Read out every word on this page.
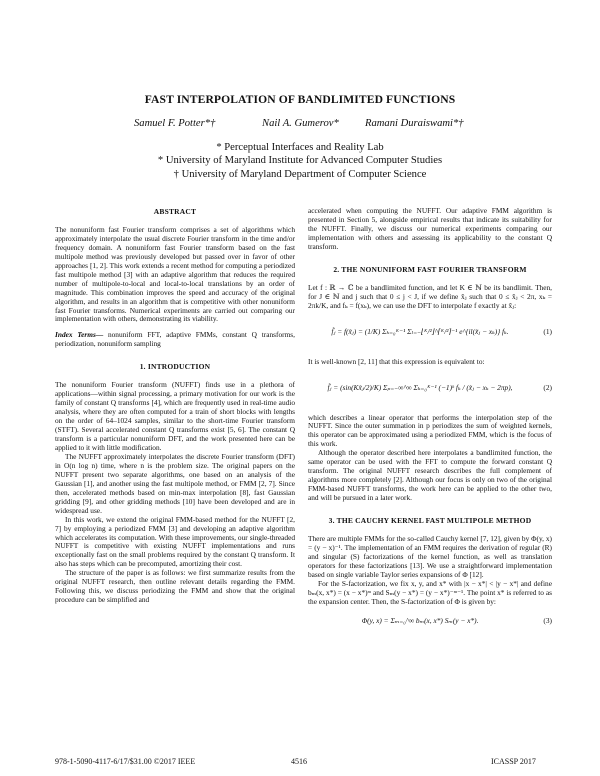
FAST INTERPOLATION OF BANDLIMITED FUNCTIONS
Samuel F. Potter*†	Nail A. Gumerov* Ramani Duraiswami*†
* Perceptual Interfaces and Reality Lab
* University of Maryland Institute for Advanced Computer Studies
† University of Maryland Department of Computer Science
ABSTRACT

The nonuniform fast Fourier transform comprises a set of algorithms which approximately interpolate the usual discrete Fourier transform in the time and/or frequency domain. A nonuniform fast Fourier transform based on the fast multipole method was previously developed but passed over in favor of other approaches [1, 2]. This work extends a recent method for computing a periodized fast multipole method [3] with an adaptive algorithm that reduces the required number of multipole-to-local and local-to-local translations by an order of magnitude. This combination improves the speed and accuracy of the original algorithm, and results in an algorithm that is competitive with other nonuniform fast Fourier transforms. Numerical experiments are carried out comparing our implementation with others, demonstrating its viability.

Index Terms— nonuniform FFT, adaptive FMMs, constant Q transforms, periodization, nonuniform sampling

1. INTRODUCTION

The nonuniform Fourier transform (NUFFT) finds use in a plethora of applications—within signal processing, a primary motivation for our work is the family of constant Q transforms [4], which are frequently used in real-time audio analysis, where they are often computed for a train of short blocks with lengths on the order of 64–1024 samples, similar to the short-time Fourier transform (STFT). Several accelerated constant Q transforms exist [5, 6]. The constant Q transform is a particular nonuniform DFT, and the work presented here can be applied to it with little modification.

The NUFFT approximately interpolates the discrete Fourier transform (DFT) in O(n log n) time, where n is the problem size. The original papers on the NUFFT present two separate algorithms, one based on an analysis of the Gaussian [1], and another using the fast multipole method, or FMM [2, 7]. Since then, accelerated methods based on min-max interpolation [8], fast Gaussian gridding [9], and other gridding methods [10] have been developed and are in widespread use.

In this work, we extend the original FMM-based method for the NUFFT [2, 7] by employing a periodized FMM [3] and developing an adaptive algorithm which accelerates its computation. With these improvements, our single-threaded NUFFT is competitive with existing NUFFT implementations and runs exceptionally fast on the small problems required by the constant Q transform. It also has steps which can be precomputed, amortizing their cost.

The structure of the paper is as follows: we first summarize results from the original NUFFT research, then outline relevant details regarding the FMM. Following this, we discuss periodizing the FMM and show that the original procedure can be simplified and

accelerated when computing the NUFFT. Our adaptive FMM algorithm is presented in Section 5, alongside empirical results that indicate its suitability for the NUFFT. Finally, we discuss our numerical experiments comparing our implementation with others and assessing its applicability to the constant Q transform.

2. THE NONUNIFORM FAST FOURIER TRANSFORM

Let f : ℝ → ℂ be a bandlimited function, and let K ∈ ℕ be its bandlimit. Then, for J ∈ ℕ and j such that 0 ≤ j < J, if we define x̃ⱼ such that 0 ≤ x̃ⱼ < 2π, xₖ = 2πk/K, and fₖ = f(xₖ), we can use the DFT to interpolate f exactly at x̃ⱼ:

f̃ⱼ = f(x̃ⱼ) = (1/K) Σₖ₌₀ᴷ⁻¹ Σₗ₌₋⌊ᴷ/²⌋^⌈ᴷ/²⌉⁻¹ e^{il(x̃ⱼ − xₖ)} fₖ.	(1)

It is well-known [2, 11] that this expression is equivalent to:

f̃ⱼ = (sin(Kx̃ⱼ/2)/K) Σₚ₌₋∞^∞ Σₖ₌₀ᴷ⁻¹ (−1)ᵏ fₖ / (x̃ⱼ − xₖ − 2πp),	(2)

which describes a linear operator that performs the interpolation step of the NUFFT. Since the outer summation in p periodizes the sum of weighted kernels, this operator can be approximated using a periodized FMM, which is the focus of this work.

Although the operator described here interpolates a bandlimited function, the same operator can be used with the FFT to compute the forward constant Q transform. The original NUFFT research describes the full complement of algorithms more completely [2]. Although our focus is only on two of the original FMM-based NUFFT transforms, the work here can be applied to the other two, and will be pursued in a later work.

3. THE CAUCHY KERNEL FAST MULTIPOLE METHOD

There are multiple FMMs for the so-called Cauchy kernel [7, 12], given by Φ(y, x) = (y − x)⁻¹. The implementation of an FMM requires the derivation of regular (R) and singular (S) factorizations of the kernel function, as well as translation operators for these factorizations [13]. We use a straightforward implementation based on single variable Taylor series expansions of Φ [12].

For the S-factorization, we fix x, y, and x* with |x − x*| < |y − x*| and define bₘ(x, x*) = (x − x*)ᵐ and Sₘ(y − x*) = (y − x*)⁻ᵐ⁻¹. The point x* is referred to as the expansion center. Then, the S-factorization of Φ is given by:

Φ(y, x) = Σₘ₌₀^∞ bₘ(x, x*) Sₘ(y − x*).	(3)
978-1-5090-4117-6/17/$31.00 ©2017 IEEE	4516	ICASSP 2017
